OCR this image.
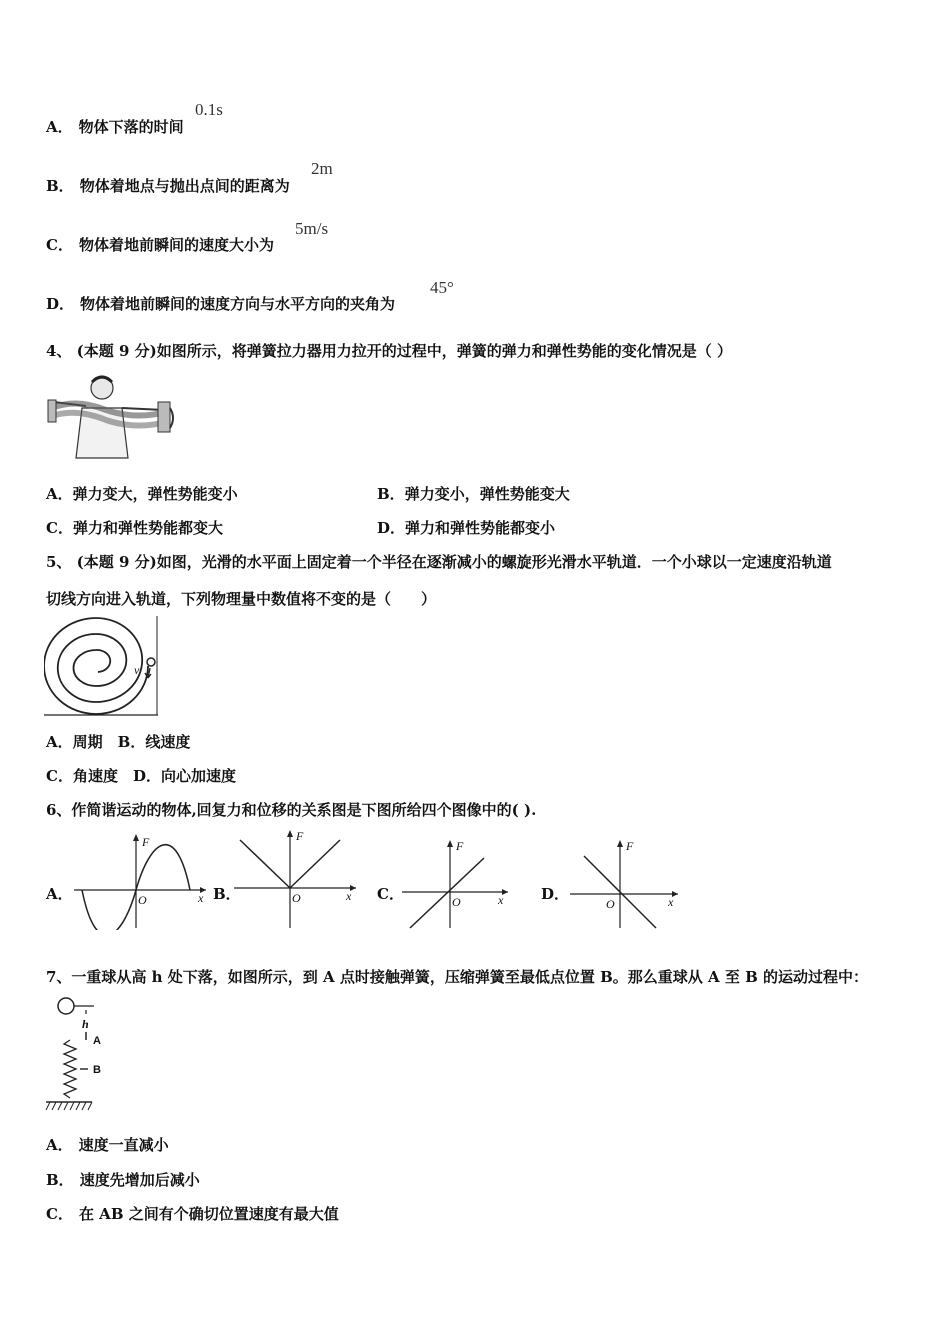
A． 物体下落的时间
0.1s
B． 物体着地点与抛出点间的距离为
2m
C． 物体着地前瞬间的速度大小为
5m/s
D． 物体着地前瞬间的速度方向与水平方向的夹角为
45°
4、 (本题 9 分)如图所示，将弹簧拉力器用力拉开的过程中，弹簧的弹力和弹性势能的变化情况是（ ）
A．弹力变大，弹性势能变小	B．弹力变小，弹性势能变大
C．弹力和弹性势能都变大	D．弹力和弹性势能都变小
5、 (本题 9 分)如图，光滑的水平面上固定着一个半径在逐渐减小的螺旋形光滑水平轨道．一个小球以一定速度沿轨道
切线方向进入轨道，下列物理量中数值将不变的是（　　）
v
A．周期　B．线速度
C．角速度　D．向心加速度
6、作简谐运动的物体,回复力和位移的关系图是下图所给四个图像中的( ).
A．
F
x
O	B．
F
x
O	C．
F
x
O	D．
F
x
O
7、一重球从高 h 处下落，如图所示，到 A 点时接触弹簧，压缩弹簧至最低点位置 B。那么重球从 A 至 B 的运动过程中：
h
A
B
A． 速度一直减小
B． 速度先增加后减小
C． 在 AB 之间有个确切位置速度有最大值
